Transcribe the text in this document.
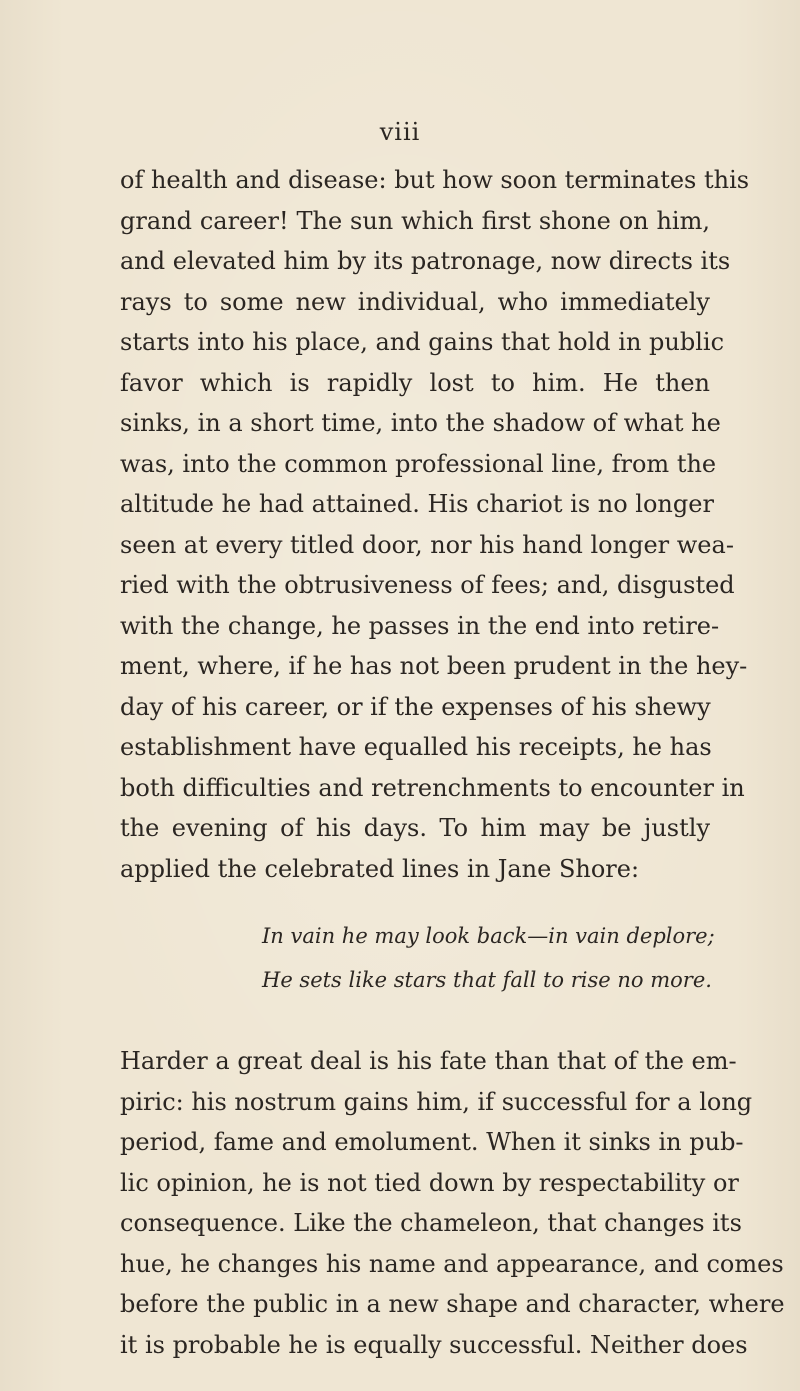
viii
of health and disease: but how soon terminates this
grand career! The sun which first shone on him,
and elevated him by its patronage, now directs its
rays to some new individual, who immediately
starts into his place, and gains that hold in public
favor which is rapidly lost to him. He then
sinks, in a short time, into the shadow of what he
was, into the common professional line, from the
altitude he had attained. His chariot is no longer
seen at every titled door, nor his hand longer wea-
ried with the obtrusiveness of fees; and, disgusted
with the change, he passes in the end into retire-
ment, where, if he has not been prudent in the hey-
day of his career, or if the expenses of his shewy
establishment have equalled his receipts, he has
both difficulties and retrenchments to encounter in
the evening of his days. To him may be justly
applied the celebrated lines in Jane Shore:
In vain he may look back—in vain deplore;
He sets like stars that fall to rise no more.
Harder a great deal is his fate than that of the em-
piric: his nostrum gains him, if successful for a long
period, fame and emolument. When it sinks in pub-
lic opinion, he is not tied down by respectability or
consequence. Like the chameleon, that changes its
hue, he changes his name and appearance, and comes
before the public in a new shape and character, where
it is probable he is equally successful. Neither does
